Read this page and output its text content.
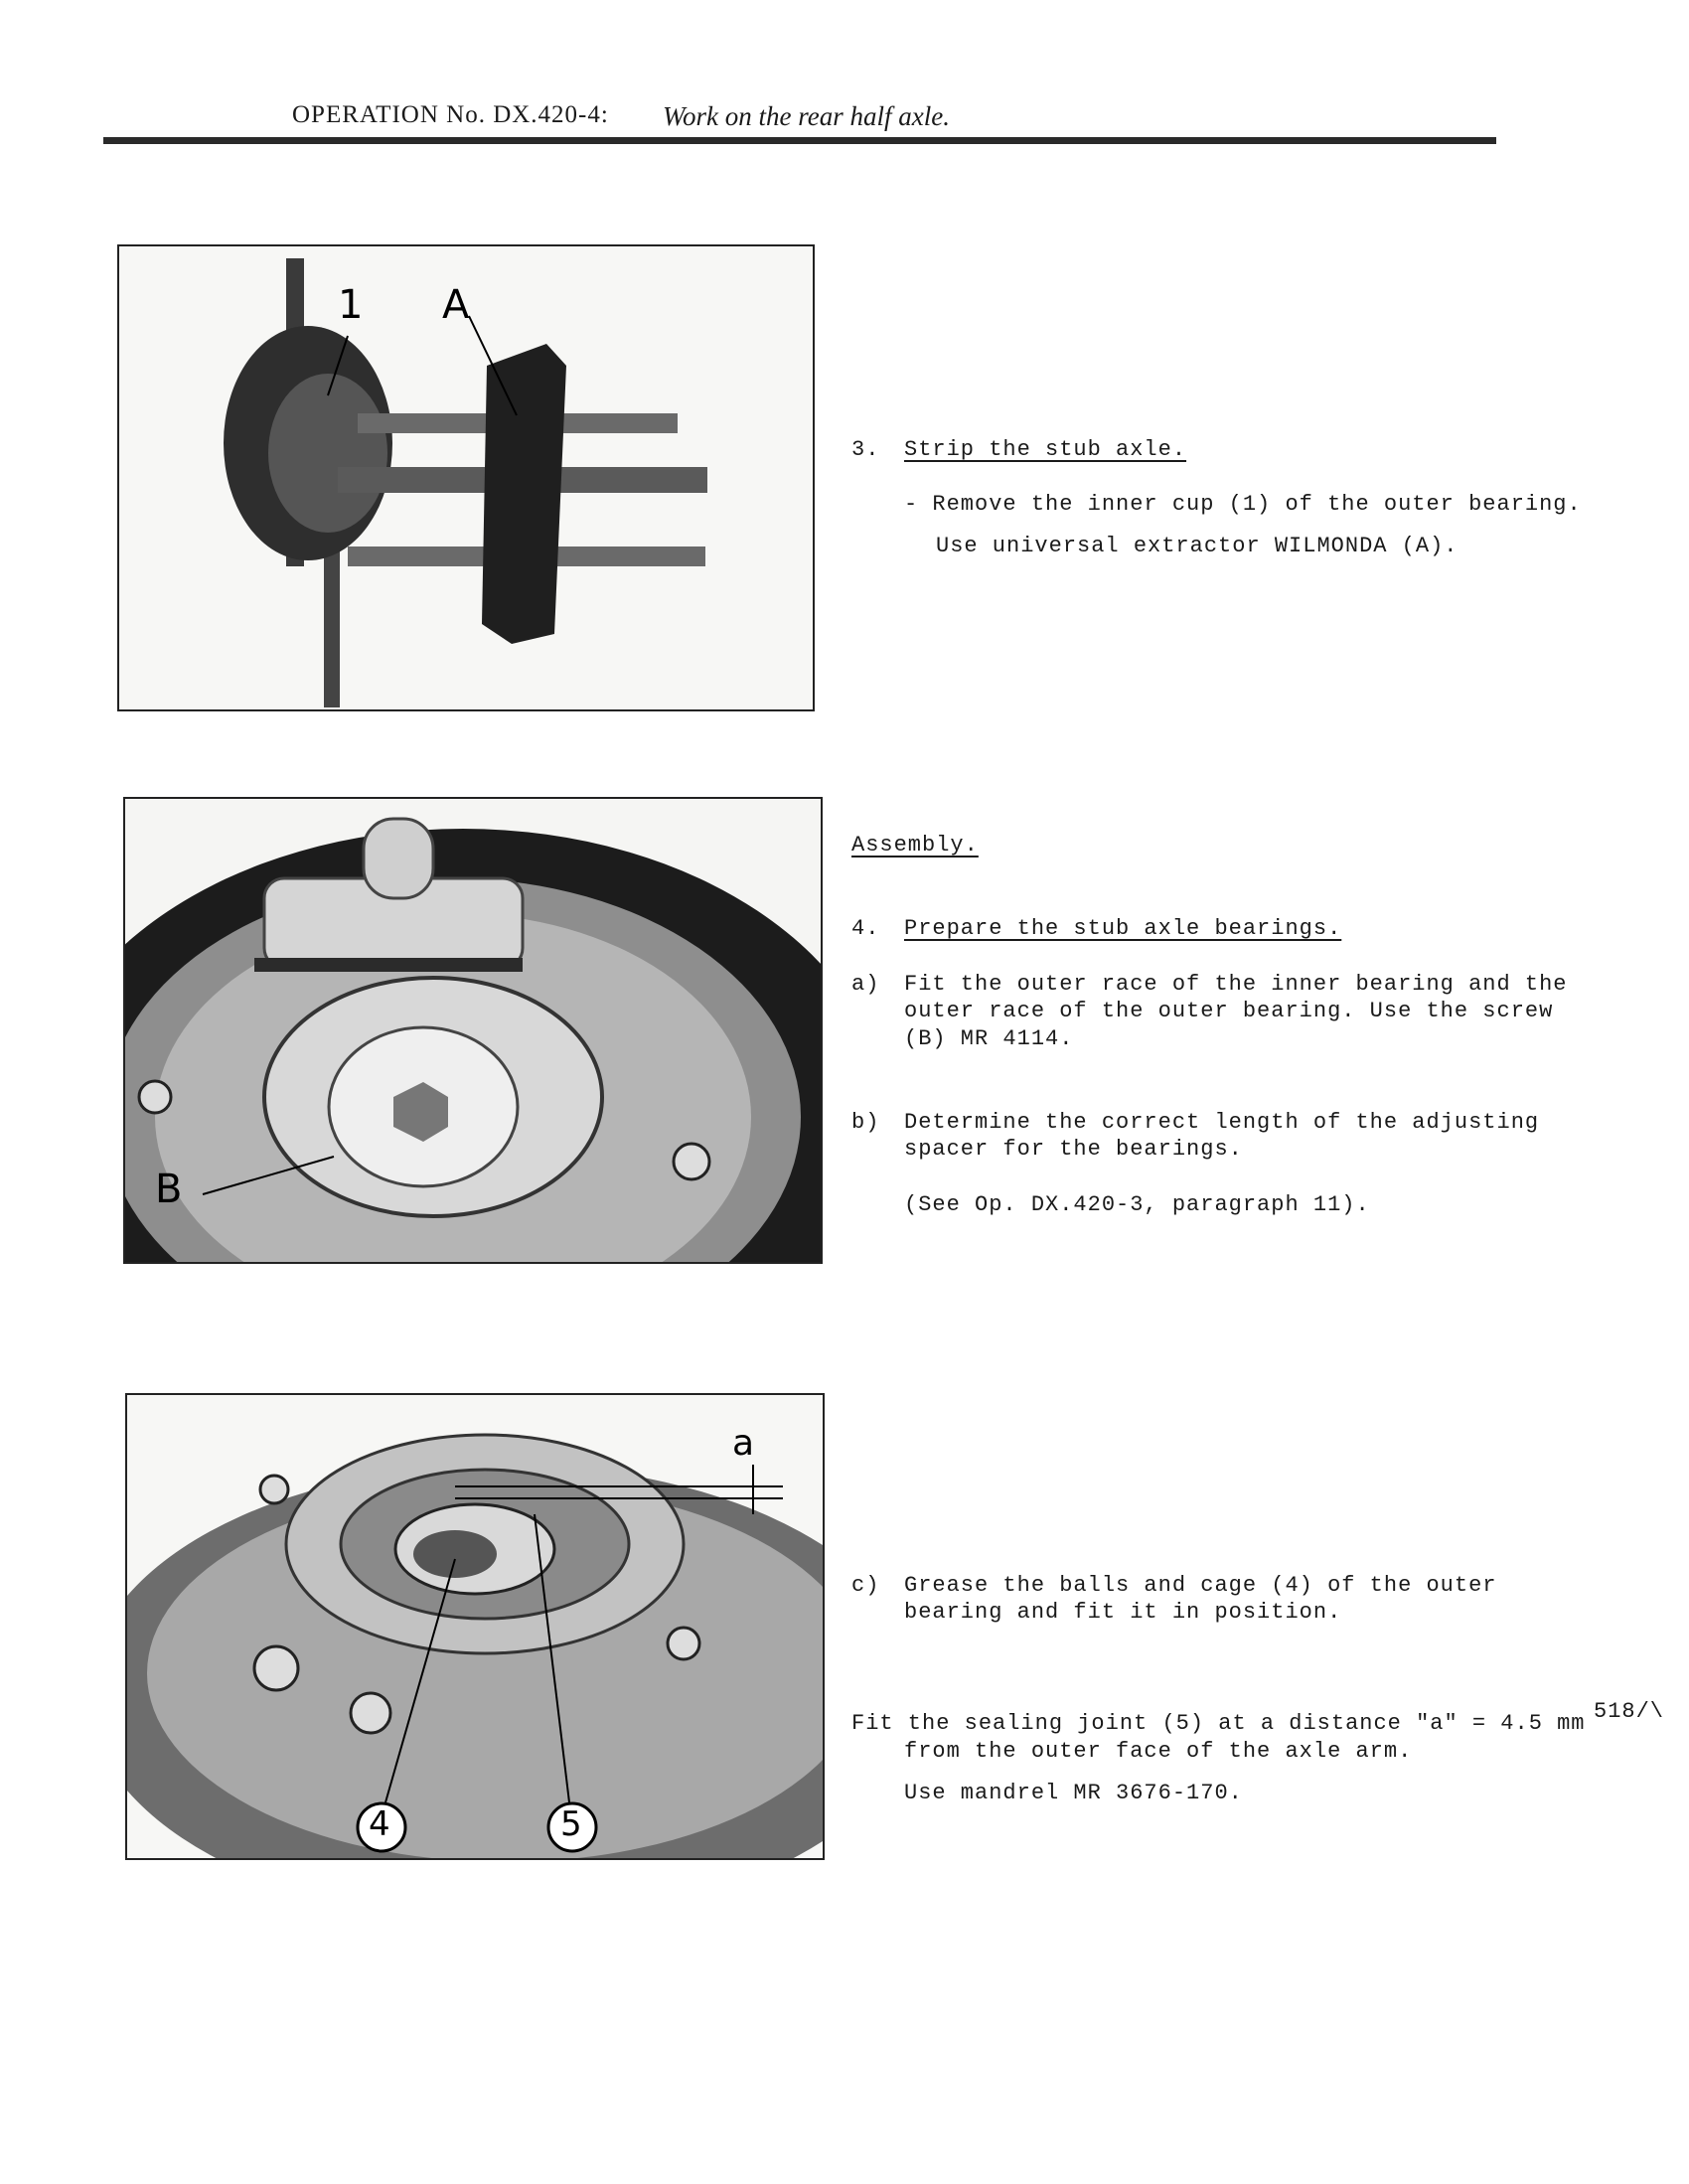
OPERATION No. DX.420-4: Work on the rear half axle.
1 A
B
a
4	5
3. Strip the stub axle.
- Remove the inner cup (1) of the outer bearing.
Use universal extractor WILMONDA (A).
Assembly.
4. Prepare the stub axle bearings.
a) Fit the outer race of the inner bearing and the
outer race of the outer bearing. Use the screw
(B) MR 4114.
b) Determine the correct length of the adjusting
spacer for the bearings.
(See Op. DX.420-3, paragraph 11).
c) Grease the balls and cage (4) of the outer
bearing and fit it in position.
Fit the sealing joint (5) at a distance "a" = 4.5 mm
from the outer face of the axle arm.
Use mandrel MR 3676-170.
518/\
